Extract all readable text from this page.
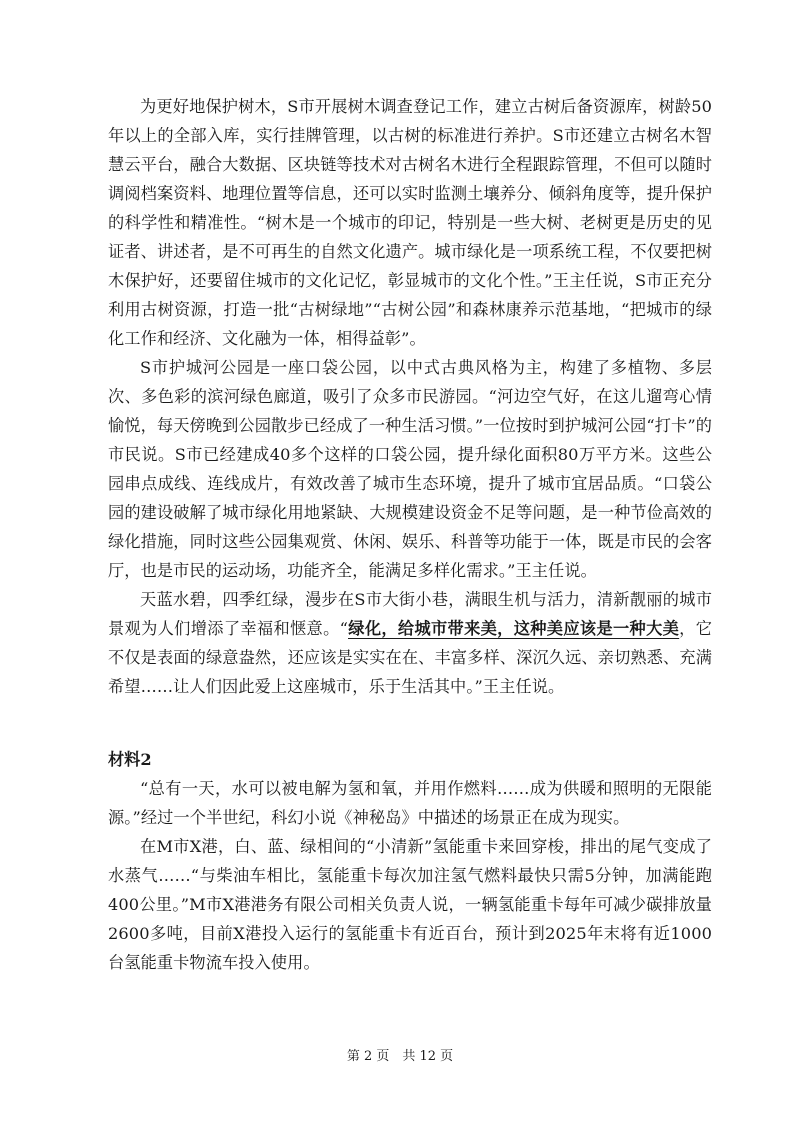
为更好地保护树木，S市开展树木调查登记工作，建立古树后备资源库，树龄50年以上的全部入库，实行挂牌管理，以古树的标准进行养护。S市还建立古树名木智慧云平台，融合大数据、区块链等技术对古树名木进行全程跟踪管理，不但可以随时调阅档案资料、地理位置等信息，还可以实时监测土壤养分、倾斜角度等，提升保护的科学性和精准性。“树木是一个城市的印记，特别是一些大树、老树更是历史的见证者、讲述者，是不可再生的自然文化遗产。城市绿化是一项系统工程，不仅要把树木保护好，还要留住城市的文化记忆，彰显城市的文化个性。”王主任说，S市正充分利用古树资源，打造一批“古树绿地”“古树公园”和森林康养示范基地，“把城市的绿化工作和经济、文化融为一体，相得益彰”。

S市护城河公园是一座口袋公园，以中式古典风格为主，构建了多植物、多层次、多色彩的滨河绿色廊道，吸引了众多市民游园。“河边空气好，在这儿遛弯心情愉悦，每天傍晚到公园散步已经成了一种生活习惯。”一位按时到护城河公园“打卡”的市民说。S市已经建成40多个这样的口袋公园，提升绿化面积80万平方米。这些公园串点成线、连线成片，有效改善了城市生态环境，提升了城市宜居品质。“口袋公园的建设破解了城市绿化用地紧缺、大规模建设资金不足等问题，是一种节俭高效的绿化措施，同时这些公园集观赏、休闲、娱乐、科普等功能于一体，既是市民的会客厅，也是市民的运动场，功能齐全，能满足多样化需求。”王主任说。

天蓝水碧，四季红绿，漫步在S市大街小巷，满眼生机与活力，清新靓丽的城市景观为人们增添了幸福和惬意。“绿化，给城市带来美，这种美应该是一种大美，它不仅是表面的绿意盎然，还应该是实实在在、丰富多样、深沉久远、亲切熟悉、充满希望……让人们因此爱上这座城市，乐于生活其中。”王主任说。

材料2

“总有一天，水可以被电解为氢和氧，并用作燃料……成为供暖和照明的无限能源。”经过一个半世纪，科幻小说《神秘岛》中描述的场景正在成为现实。

在M市X港，白、蓝、绿相间的“小清新”氢能重卡来回穿梭，排出的尾气变成了水蒸气……“与柴油车相比，氢能重卡每次加注氢气燃料最快只需5分钟，加满能跑400公里。”M市X港港务有限公司相关负责人说，一辆氢能重卡每年可减少碳排放量2600多吨，目前X港投入运行的氢能重卡有近百台，预计到2025年末将有近1000台氢能重卡物流车投入使用。

第 2 页　共 12 页
